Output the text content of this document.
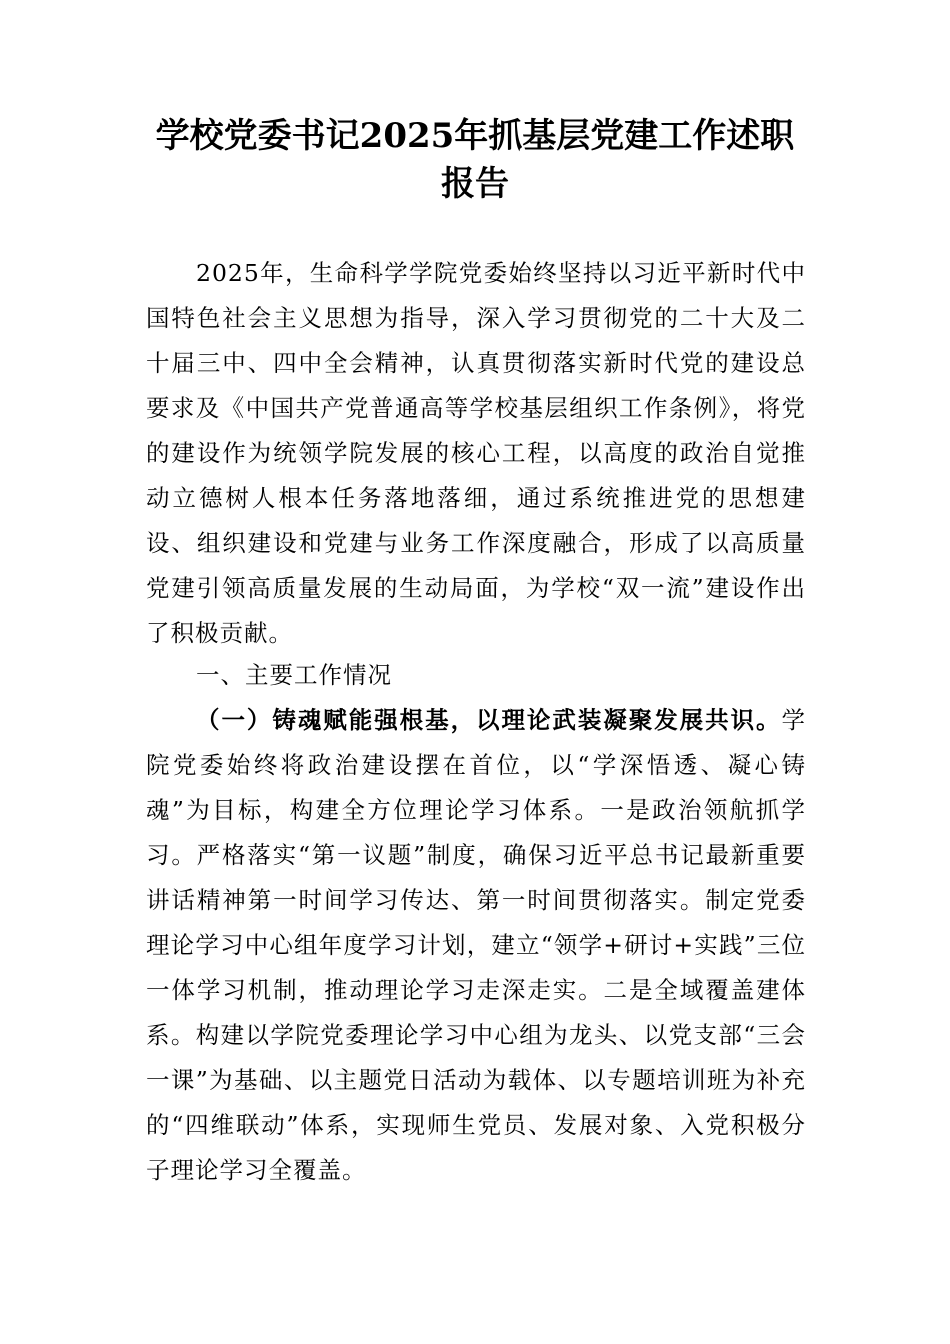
学校党委书记2025年抓基层党建工作述职报告
2025年，生命科学学院党委始终坚持以习近平新时代中国特色社会主义思想为指导，深入学习贯彻党的二十大及二十届三中、四中全会精神，认真贯彻落实新时代党的建设总要求及《中国共产党普通高等学校基层组织工作条例》，将党的建设作为统领学院发展的核心工程，以高度的政治自觉推动立德树人根本任务落地落细，通过系统推进党的思想建设、组织建设和党建与业务工作深度融合，形成了以高质量党建引领高质量发展的生动局面，为学校“双一流”建设作出了积极贡献。
一、主要工作情况
（一）铸魂赋能强根基，以理论武装凝聚发展共识。学院党委始终将政治建设摆在首位，以“学深悟透、凝心铸魂”为目标，构建全方位理论学习体系。一是政治领航抓学习。严格落实“第一议题”制度，确保习近平总书记最新重要讲话精神第一时间学习传达、第一时间贯彻落实。制定党委理论学习中心组年度学习计划，建立“领学+研讨+实践”三位一体学习机制，推动理论学习走深走实。二是全域覆盖建体系。构建以学院党委理论学习中心组为龙头、以党支部“三会一课”为基础、以主题党日活动为载体、以专题培训班为补充的“四维联动”体系，实现师生党员、发展对象、入党积极分子理论学习全覆盖。
